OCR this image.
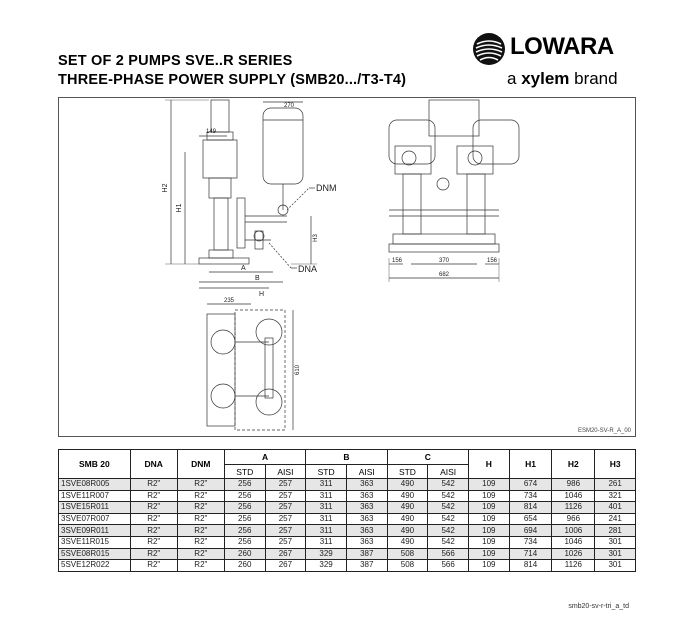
SET OF 2 PUMPS SVE..R SERIES
THREE-PHASE POWER SUPPLY (SMB20.../T3-T4)
LOWARA
a xylem brand
270
149
H2
H1
H3
DNM
DNA
A
B
H
235
610
156	370	156
682
ESM20-SV-R_A_00
SMB 20	DNA	DNM	A		B		C		H	H1	H2	H3
			STD	AISI	STD	AISI	STD	AISI				
1SVE08R005	R2"	R2"	256	257	311	363	490	542	109	674	986	261
1SVE11R007	R2"	R2"	256	257	311	363	490	542	109	734	1046	321
1SVE15R011	R2"	R2"	256	257	311	363	490	542	109	814	1126	401
3SVE07R007	R2"	R2"	256	257	311	363	490	542	109	654	966	241
3SVE09R011	R2"	R2"	256	257	311	363	490	542	109	694	1006	281
3SVE11R015	R2"	R2"	256	257	311	363	490	542	109	734	1046	301
5SVE08R015	R2"	R2"	260	267	329	387	508	566	109	714	1026	301
5SVE12R022	R2"	R2"	260	267	329	387	508	566	109	814	1126	301
smb20-sv-r-tri_a_td
